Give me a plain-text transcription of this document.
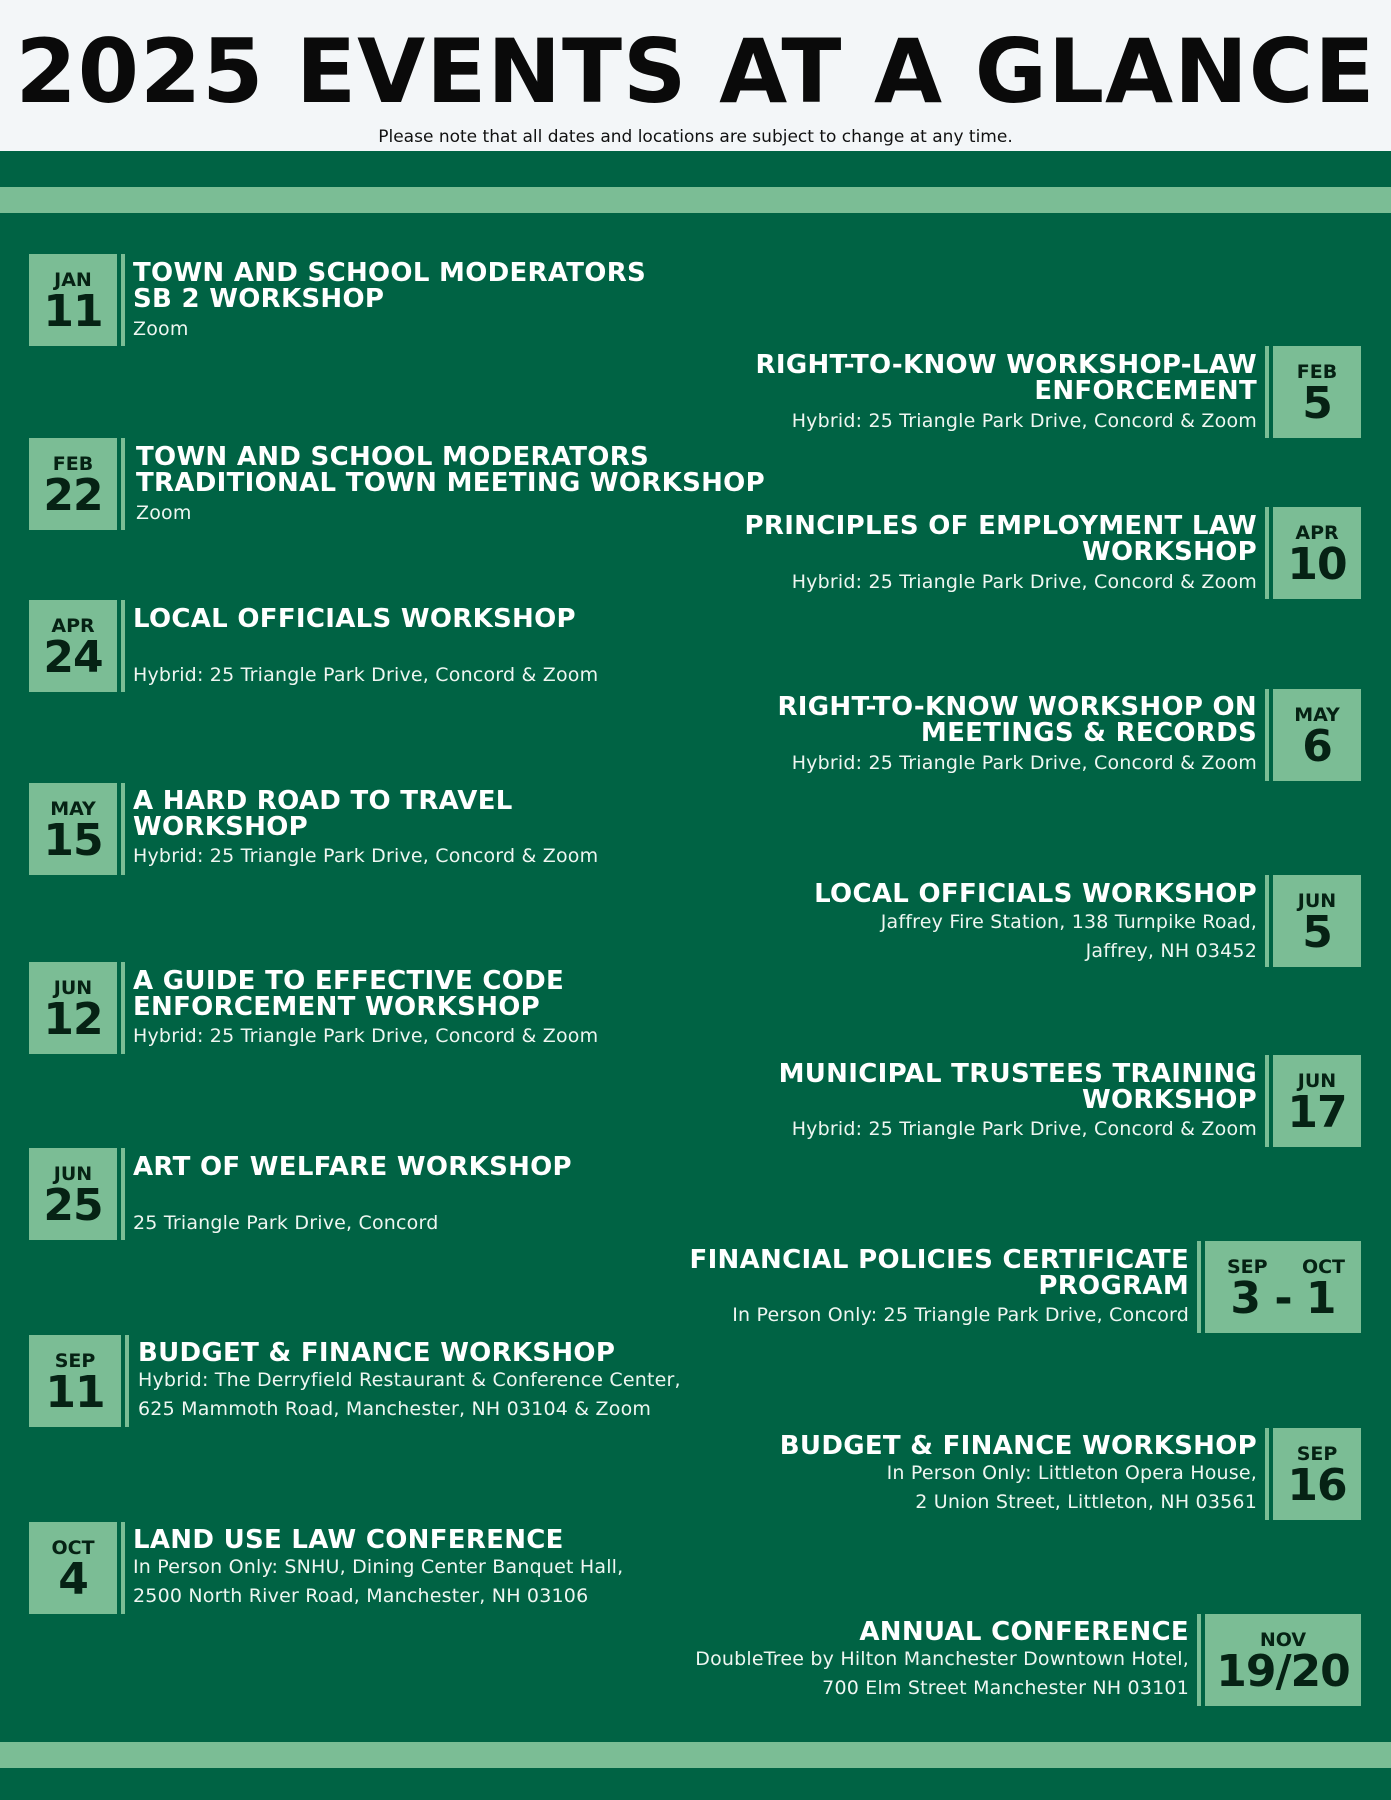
2025 EVENTS AT A GLANCE
Please note that all dates and locations are subject to change at any time.
JAN
11
TOWN AND SCHOOL MODERATORS
SB 2 WORKSHOP
Zoom
FEB
5
RIGHT-TO-KNOW WORKSHOP-LAW
ENFORCEMENT
Hybrid: 25 Triangle Park Drive, Concord & Zoom
FEB
22
TOWN AND SCHOOL MODERATORS
TRADITIONAL TOWN MEETING WORKSHOP
Zoom
APR
10
PRINCIPLES OF EMPLOYMENT LAW
WORKSHOP
Hybrid: 25 Triangle Park Drive, Concord & Zoom
APR
24
LOCAL OFFICIALS WORKSHOP
Hybrid: 25 Triangle Park Drive, Concord & Zoom
MAY
6
RIGHT-TO-KNOW WORKSHOP ON
MEETINGS & RECORDS
Hybrid: 25 Triangle Park Drive, Concord & Zoom
MAY
15
A HARD ROAD TO TRAVEL
WORKSHOP
Hybrid: 25 Triangle Park Drive, Concord & Zoom
JUN
5
LOCAL OFFICIALS WORKSHOP
Jaffrey Fire Station, 138 Turnpike Road,
Jaffrey, NH 03452
JUN
12
A GUIDE TO EFFECTIVE CODE
ENFORCEMENT WORKSHOP
Hybrid: 25 Triangle Park Drive, Concord & Zoom
JUN
17
MUNICIPAL TRUSTEES TRAINING
WORKSHOP
Hybrid: 25 Triangle Park Drive, Concord & Zoom
JUN
25
ART OF WELFARE WORKSHOP
25 Triangle Park Drive, Concord
SEP OCT
3 - 1
FINANCIAL POLICIES CERTIFICATE
PROGRAM
In Person Only: 25 Triangle Park Drive, Concord
SEP
11
BUDGET & FINANCE WORKSHOP
Hybrid: The Derryfield Restaurant & Conference Center,
625 Mammoth Road, Manchester, NH 03104 & Zoom
SEP
16
BUDGET & FINANCE WORKSHOP
In Person Only: Littleton Opera House,
2 Union Street, Littleton, NH 03561
OCT
4
LAND USE LAW CONFERENCE
In Person Only: SNHU, Dining Center Banquet Hall,
2500 North River Road, Manchester, NH 03106
NOV
19/20
ANNUAL CONFERENCE
DoubleTree by Hilton Manchester Downtown Hotel,
700 Elm Street Manchester NH 03101
